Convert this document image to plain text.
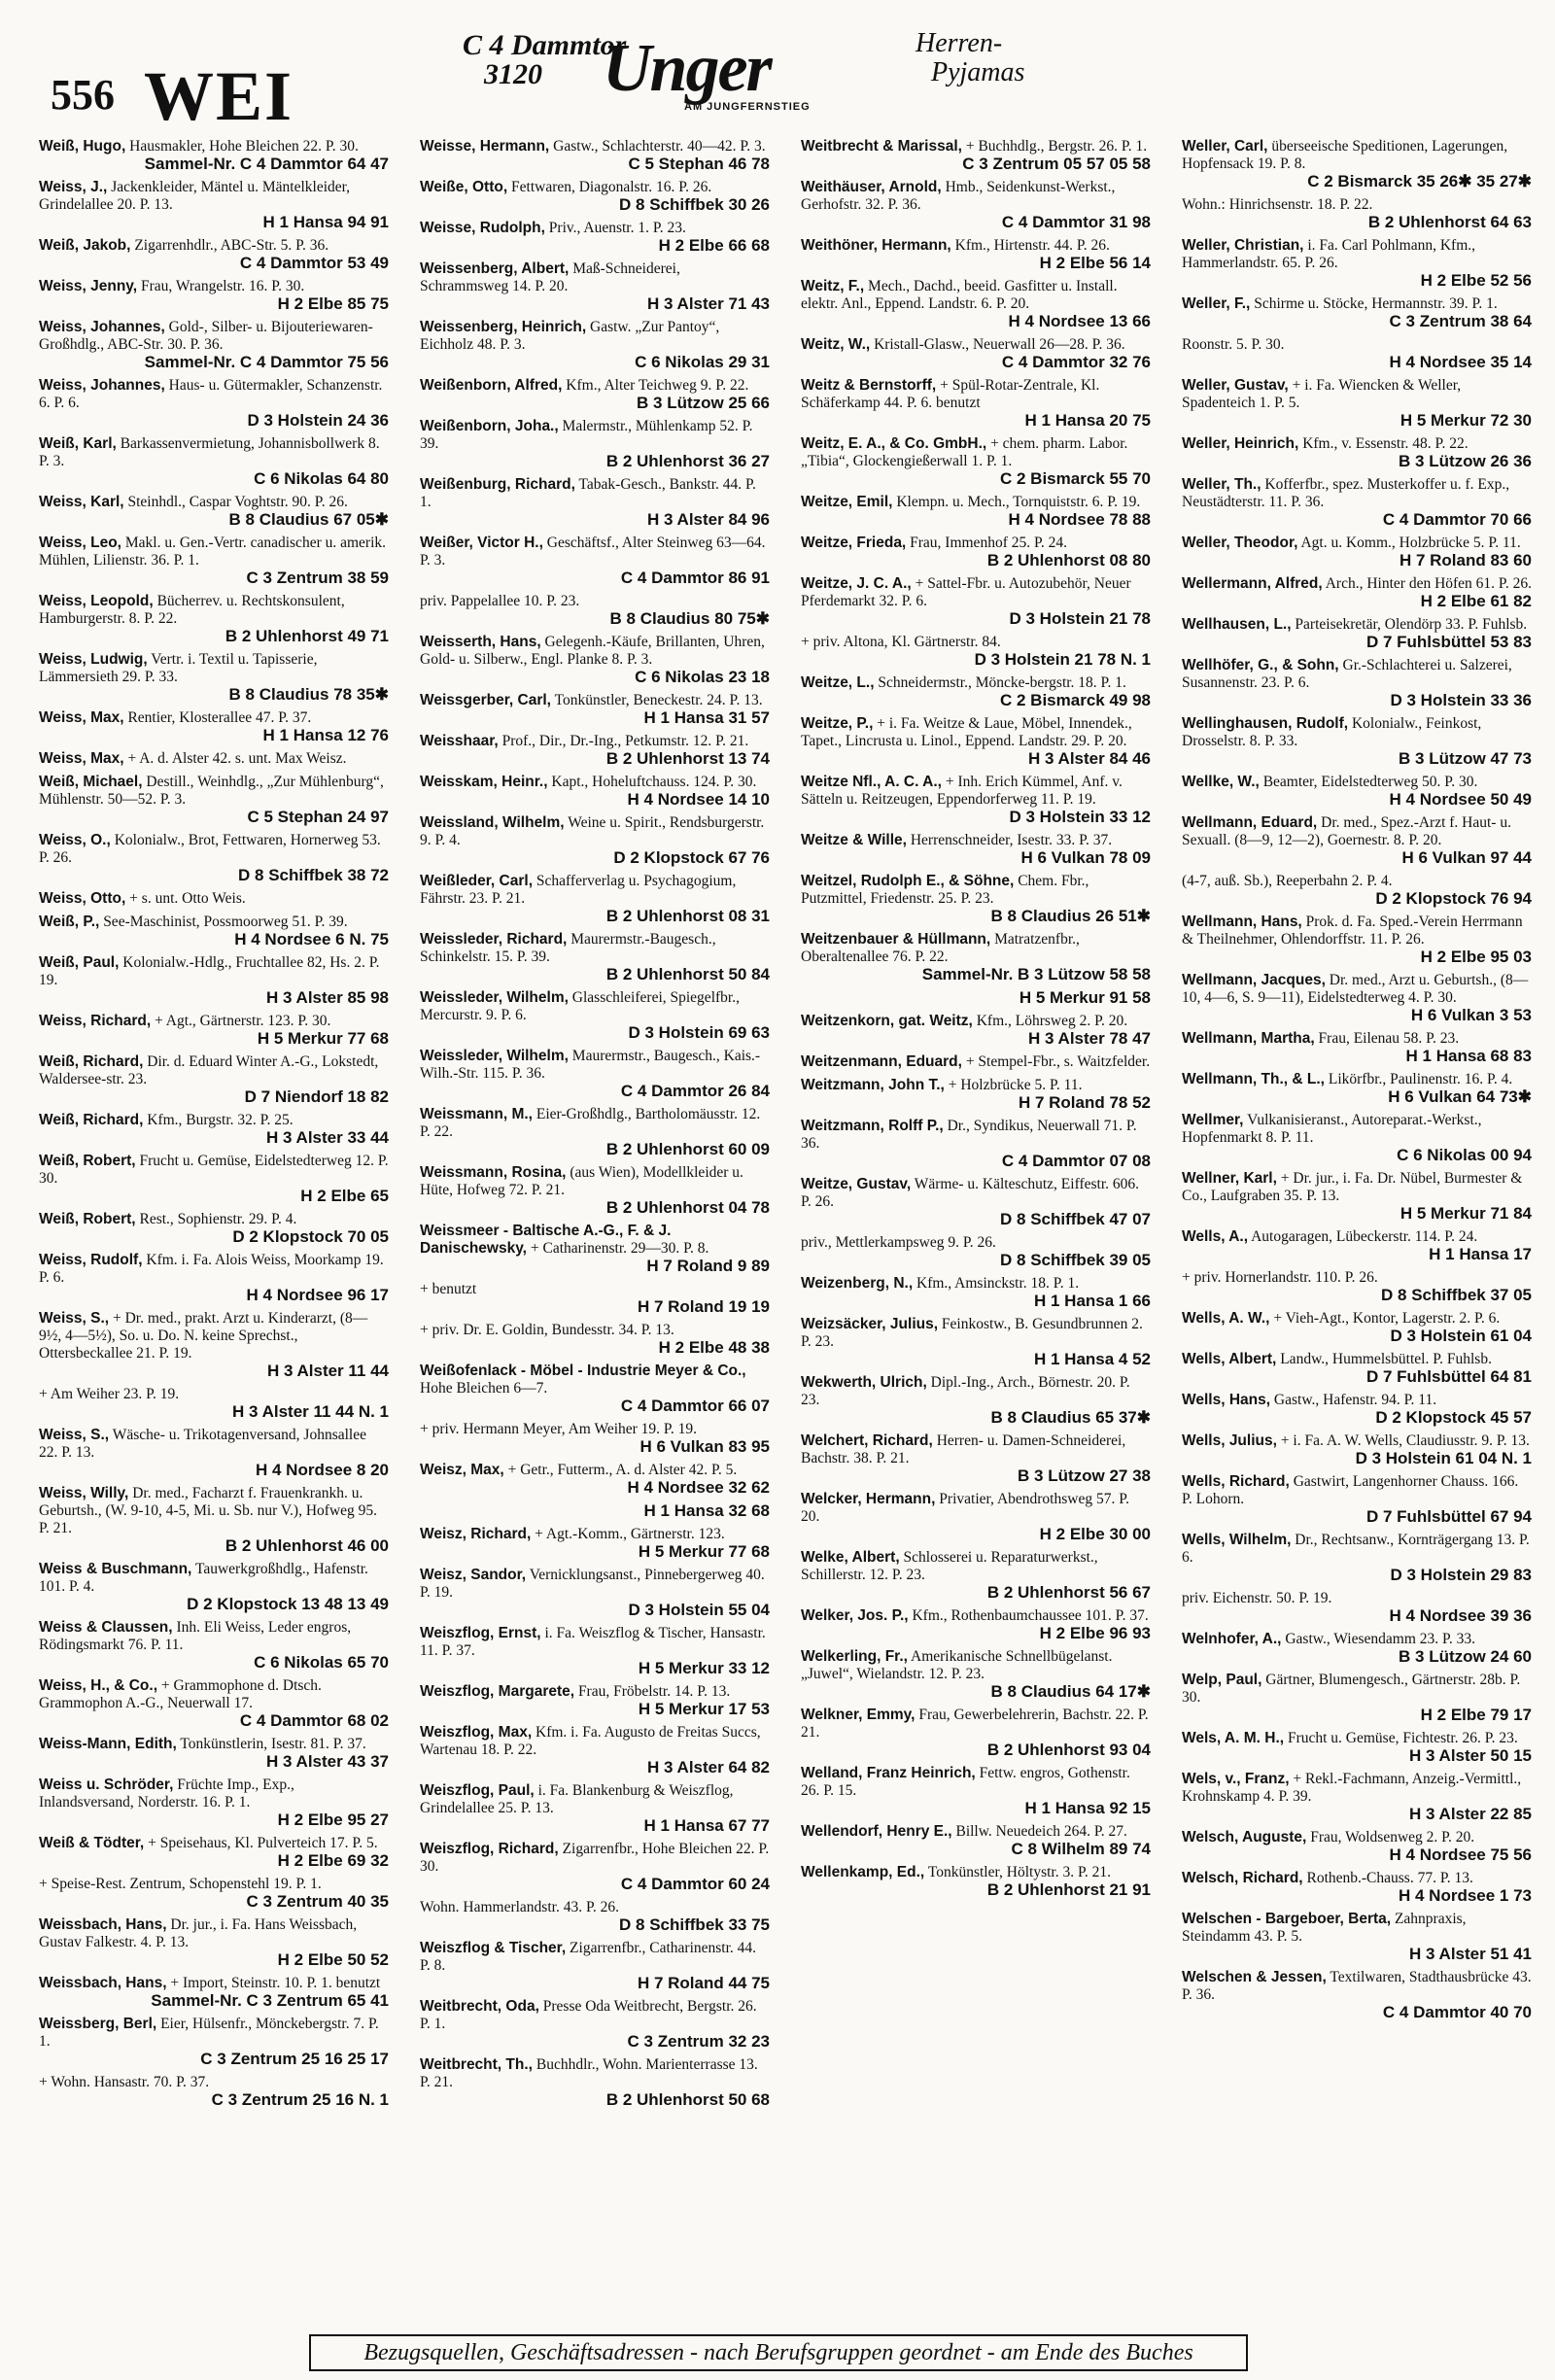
556 WEI
C 4 Dammtor
3120 Unger
AM JUNGFERNSTIEG
Herren-
Pyjamas
Weiß, Hugo, Hausmakler, Hohe Bleichen 22. P. 30.
Sammel-Nr. C 4 Dammtor 64 47
Weiss, J., Jackenkleider, Mäntel u. Mäntelkleider, Grindelallee 20. P. 13.
H 1 Hansa 94 91
Weiß, Jakob, Zigarrenhdlr., ABC-Str. 5. P. 36.
C 4 Dammtor 53 49
Weiss, Jenny, Frau, Wrangelstr. 16. P. 30.
H 2 Elbe 85 75
Weiss, Johannes, Gold-, Silber- u. Bijouteriewaren-Großhdlg., ABC-Str. 30. P. 36.
Sammel-Nr. C 4 Dammtor 75 56
Weiss, Johannes, Haus- u. Gütermakler, Schanzenstr. 6. P. 6.
D 3 Holstein 24 36
Weiß, Karl, Barkassenvermietung, Johannisbollwerk 8. P. 3.
C 6 Nikolas 64 80
Weiss, Karl, Steinhdl., Caspar Voghtstr. 90. P. 26.
B 8 Claudius 67 05✱
Weiss, Leo, Makl. u. Gen.-Vertr. canadischer u. amerik. Mühlen, Lilienstr. 36. P. 1.
C 3 Zentrum 38 59
Weiss, Leopold, Bücherrev. u. Rechtskonsulent, Hamburgerstr. 8. P. 22.
B 2 Uhlenhorst 49 71
Weiss, Ludwig, Vertr. i. Textil u. Tapisserie, Lämmersieth 29. P. 33.
B 8 Claudius 78 35✱
Weiss, Max, Rentier, Klosterallee 47. P. 37.
H 1 Hansa 12 76
Weiss, Max, + A. d. Alster 42. s. unt. Max Weisz.
Weiß, Michael, Destill., Weinhdlg., „Zur Mühlenburg“, Mühlenstr. 50—52. P. 3.
C 5 Stephan 24 97
Weiss, O., Kolonialw., Brot, Fettwaren, Hornerweg 53. P. 26.
D 8 Schiffbek 38 72
Weiss, Otto, + s. unt. Otto Weis.
Weiß, P., See-Maschinist, Possmoorweg 51. P. 39.
H 4 Nordsee 6 N. 75
Weiß, Paul, Kolonialw.-Hdlg., Fruchtallee 82, Hs. 2. P. 19.
H 3 Alster 85 98
Weiss, Richard, + Agt., Gärtnerstr. 123. P. 30.
H 5 Merkur 77 68
Weiß, Richard, Dir. d. Eduard Winter A.-G., Lokstedt, Waldersee-str. 23.
D 7 Niendorf 18 82
Weiß, Richard, Kfm., Burgstr. 32. P. 25.
H 3 Alster 33 44
Weiß, Robert, Frucht u. Gemüse, Eidelstedterweg 12. P. 30.
H 2 Elbe 65
Weiß, Robert, Rest., Sophienstr. 29. P. 4.
D 2 Klopstock 70 05
Weiss, Rudolf, Kfm. i. Fa. Alois Weiss, Moorkamp 19. P. 6.
H 4 Nordsee 96 17
Weiss, S., + Dr. med., prakt. Arzt u. Kinderarzt, (8—9½, 4—5½), So. u. Do. N. keine Sprechst., Ottersbeckallee 21. P. 19.
H 3 Alster 11 44
+ Am Weiher 23. P. 19.
H 3 Alster 11 44 N. 1
Weiss, S., Wäsche- u. Trikotagenversand, Johnsallee 22. P. 13.
H 4 Nordsee 8 20
Weiss, Willy, Dr. med., Facharzt f. Frauenkrankh. u. Geburtsh., (W. 9-10, 4-5, Mi. u. Sb. nur V.), Hofweg 95. P. 21.
B 2 Uhlenhorst 46 00
Weiss & Buschmann, Tauwerkgroßhdlg., Hafenstr. 101. P. 4.
D 2 Klopstock 13 48 13 49
Weiss & Claussen, Inh. Eli Weiss, Leder engros, Rödingsmarkt 76. P. 11.
C 6 Nikolas 65 70
Weiss, H., & Co., + Grammophone d. Dtsch. Grammophon A.-G., Neuerwall 17.
C 4 Dammtor 68 02
Weiss-Mann, Edith, Tonkünstlerin, Isestr. 81. P. 37.
H 3 Alster 43 37
Weiss u. Schröder, Früchte Imp., Exp., Inlandsversand, Norderstr. 16. P. 1.
H 2 Elbe 95 27
Weiß & Tödter, + Speisehaus, Kl. Pulverteich 17. P. 5.
H 2 Elbe 69 32
+ Speise-Rest. Zentrum, Schopenstehl 19. P. 1.
C 3 Zentrum 40 35
Weissbach, Hans, Dr. jur., i. Fa. Hans Weissbach, Gustav Falkestr. 4. P. 13.
H 2 Elbe 50 52
Weissbach, Hans, + Import, Steinstr. 10. P. 1. benutzt
Sammel-Nr. C 3 Zentrum 65 41
Weissberg, Berl, Eier, Hülsenfr., Mönckebergstr. 7. P. 1.
C 3 Zentrum 25 16 25 17
+ Wohn. Hansastr. 70. P. 37.
C 3 Zentrum 25 16 N. 1
Weisse, Hermann, Gastw., Schlachterstr. 40—42. P. 3.
C 5 Stephan 46 78
Weiße, Otto, Fettwaren, Diagonalstr. 16. P. 26.
D 8 Schiffbek 30 26
Weisse, Rudolph, Priv., Auenstr. 1. P. 23.
H 2 Elbe 66 68
Weissenberg, Albert, Maß-Schneiderei, Schrammsweg 14. P. 20.
H 3 Alster 71 43
Weissenberg, Heinrich, Gastw. „Zur Pantoy“, Eichholz 48. P. 3.
C 6 Nikolas 29 31
Weißenborn, Alfred, Kfm., Alter Teichweg 9. P. 22.
B 3 Lützow 25 66
Weißenborn, Joha., Malermstr., Mühlenkamp 52. P. 39.
B 2 Uhlenhorst 36 27
Weißenburg, Richard, Tabak-Gesch., Bankstr. 44. P. 1.
H 3 Alster 84 96
Weißer, Victor H., Geschäftsf., Alter Steinweg 63—64. P. 3.
C 4 Dammtor 86 91
priv. Pappelallee 10. P. 23.
B 8 Claudius 80 75✱
Weisserth, Hans, Gelegenh.-Käufe, Brillanten, Uhren, Gold- u. Silberw., Engl. Planke 8. P. 3.
C 6 Nikolas 23 18
Weissgerber, Carl, Tonkünstler, Beneckestr. 24. P. 13.
H 1 Hansa 31 57
Weisshaar, Prof., Dir., Dr.-Ing., Petkumstr. 12. P. 21.
B 2 Uhlenhorst 13 74
Weisskam, Heinr., Kapt., Hoheluftchauss. 124. P. 30.
H 4 Nordsee 14 10
Weissland, Wilhelm, Weine u. Spirit., Rendsburgerstr. 9. P. 4.
D 2 Klopstock 67 76
Weißleder, Carl, Schafferverlag u. Psychagogium, Fährstr. 23. P. 21.
B 2 Uhlenhorst 08 31
Weissleder, Richard, Maurermstr.-Baugesch., Schinkelstr. 15. P. 39.
B 2 Uhlenhorst 50 84
Weissleder, Wilhelm, Glasschleiferei, Spiegelfbr., Mercurstr. 9. P. 6.
D 3 Holstein 69 63
Weissleder, Wilhelm, Maurermstr., Baugesch., Kais.-Wilh.-Str. 115. P. 36.
C 4 Dammtor 26 84
Weissmann, M., Eier-Großhdlg., Bartholomäusstr. 12. P. 22.
B 2 Uhlenhorst 60 09
Weissmann, Rosina, (aus Wien), Modellkleider u. Hüte, Hofweg 72. P. 21.
B 2 Uhlenhorst 04 78
Weissmeer - Baltische A.-G., F. & J. Danischewsky, + Catharinenstr. 29—30. P. 8.
H 7 Roland 9 89
+ benutzt
H 7 Roland 19 19
+ priv. Dr. E. Goldin, Bundesstr. 34. P. 13.
H 2 Elbe 48 38
Weißofenlack - Möbel - Industrie Meyer & Co., Hohe Bleichen 6—7.
C 4 Dammtor 66 07
+ priv. Hermann Meyer, Am Weiher 19. P. 19.
H 6 Vulkan 83 95
Weisz, Max, + Getr., Futterm., A. d. Alster 42. P. 5.
H 4 Nordsee 32 62
H 1 Hansa 32 68
Weisz, Richard, + Agt.-Komm., Gärtnerstr. 123.
H 5 Merkur 77 68
Weisz, Sandor, Vernicklungsanst., Pinnebergerweg 40. P. 19.
D 3 Holstein 55 04
Weiszflog, Ernst, i. Fa. Weiszflog & Tischer, Hansastr. 11. P. 37.
H 5 Merkur 33 12
Weiszflog, Margarete, Frau, Fröbelstr. 14. P. 13.
H 5 Merkur 17 53
Weiszflog, Max, Kfm. i. Fa. Augusto de Freitas Succs, Wartenau 18. P. 22.
H 3 Alster 64 82
Weiszflog, Paul, i. Fa. Blankenburg & Weiszflog, Grindelallee 25. P. 13.
H 1 Hansa 67 77
Weiszflog, Richard, Zigarrenfbr., Hohe Bleichen 22. P. 30.
C 4 Dammtor 60 24
Wohn. Hammerlandstr. 43. P. 26.
D 8 Schiffbek 33 75
Weiszflog & Tischer, Zigarrenfbr., Catharinenstr. 44. P. 8.
H 7 Roland 44 75
Weitbrecht, Oda, Presse Oda Weitbrecht, Bergstr. 26. P. 1.
C 3 Zentrum 32 23
Weitbrecht, Th., Buchhdlr., Wohn. Marienterrasse 13. P. 21.
B 2 Uhlenhorst 50 68
Weitbrecht & Marissal, + Buchhdlg., Bergstr. 26. P. 1.
C 3 Zentrum 05 57 05 58
Weithäuser, Arnold, Hmb., Seidenkunst-Werkst., Gerhofstr. 32. P. 36.
C 4 Dammtor 31 98
Weithöner, Hermann, Kfm., Hirtenstr. 44. P. 26.
H 2 Elbe 56 14
Weitz, F., Mech., Dachd., beeid. Gasfitter u. Install. elektr. Anl., Eppend. Landstr. 6. P. 20.
H 4 Nordsee 13 66
Weitz, W., Kristall-Glasw., Neuerwall 26—28. P. 36.
C 4 Dammtor 32 76
Weitz & Bernstorff, + Spül-Rotar-Zentrale, Kl. Schäferkamp 44. P. 6. benutzt
H 1 Hansa 20 75
Weitz, E. A., & Co. GmbH., + chem. pharm. Labor. „Tibia“, Glockengießerwall 1. P. 1.
C 2 Bismarck 55 70
Weitze, Emil, Klempn. u. Mech., Tornquiststr. 6. P. 19.
H 4 Nordsee 78 88
Weitze, Frieda, Frau, Immenhof 25. P. 24.
B 2 Uhlenhorst 08 80
Weitze, J. C. A., + Sattel-Fbr. u. Autozubehör, Neuer Pferdemarkt 32. P. 6.
D 3 Holstein 21 78
+ priv. Altona, Kl. Gärtnerstr. 84.
D 3 Holstein 21 78 N. 1
Weitze, L., Schneidermstr., Möncke-bergstr. 18. P. 1.
C 2 Bismarck 49 98
Weitze, P., + i. Fa. Weitze & Laue, Möbel, Innendek., Tapet., Lincrusta u. Linol., Eppend. Landstr. 29. P. 20.
H 3 Alster 84 46
Weitze Nfl., A. C. A., + Inh. Erich Kümmel, Anf. v. Sätteln u. Reitzeugen, Eppendorferweg 11. P. 19.
D 3 Holstein 33 12
Weitze & Wille, Herrenschneider, Isestr. 33. P. 37.
H 6 Vulkan 78 09
Weitzel, Rudolph E., & Söhne, Chem. Fbr., Putzmittel, Friedenstr. 25. P. 23.
B 8 Claudius 26 51✱
Weitzenbauer & Hüllmann, Matratzenfbr., Oberaltenallee 76. P. 22.
Sammel-Nr. B 3 Lützow 58 58
H 5 Merkur 91 58
Weitzenkorn, gat. Weitz, Kfm., Löhrsweg 2. P. 20.
H 3 Alster 78 47
Weitzenmann, Eduard, + Stempel-Fbr., s. Waitzfelder.
Weitzmann, John T., + Holzbrücke 5. P. 11.
H 7 Roland 78 52
Weitzmann, Rolff P., Dr., Syndikus, Neuerwall 71. P. 36.
C 4 Dammtor 07 08
Weitze, Gustav, Wärme- u. Kälteschutz, Eiffestr. 606. P. 26.
D 8 Schiffbek 47 07
priv., Mettlerkampsweg 9. P. 26.
D 8 Schiffbek 39 05
Weizenberg, N., Kfm., Amsinckstr. 18. P. 1.
H 1 Hansa 1 66
Weizsäcker, Julius, Feinkostw., B. Gesundbrunnen 2. P. 23.
H 1 Hansa 4 52
Wekwerth, Ulrich, Dipl.-Ing., Arch., Börnestr. 20. P. 23.
B 8 Claudius 65 37✱
Welchert, Richard, Herren- u. Damen-Schneiderei, Bachstr. 38. P. 21.
B 3 Lützow 27 38
Welcker, Hermann, Privatier, Abendrothsweg 57. P. 20.
H 2 Elbe 30 00
Welke, Albert, Schlosserei u. Reparaturwerkst., Schillerstr. 12. P. 23.
B 2 Uhlenhorst 56 67
Welker, Jos. P., Kfm., Rothenbaumchaussee 101. P. 37.
H 2 Elbe 96 93
Welkerling, Fr., Amerikanische Schnellbügelanst. „Juwel“, Wielandstr. 12. P. 23.
B 8 Claudius 64 17✱
Welkner, Emmy, Frau, Gewerbelehrerin, Bachstr. 22. P. 21.
B 2 Uhlenhorst 93 04
Welland, Franz Heinrich, Fettw. engros, Gothenstr. 26. P. 15.
H 1 Hansa 92 15
Wellendorf, Henry E., Billw. Neuedeich 264. P. 27.
C 8 Wilhelm 89 74
Wellenkamp, Ed., Tonkünstler, Höltystr. 3. P. 21.
B 2 Uhlenhorst 21 91
Weller, Carl, überseeische Speditionen, Lagerungen, Hopfensack 19. P. 8.
C 2 Bismarck 35 26✱ 35 27✱
Wohn.: Hinrichsenstr. 18. P. 22.
B 2 Uhlenhorst 64 63
Weller, Christian, i. Fa. Carl Pohlmann, Kfm., Hammerlandstr. 65. P. 26.
H 2 Elbe 52 56
Weller, F., Schirme u. Stöcke, Hermannstr. 39. P. 1.
C 3 Zentrum 38 64
Roonstr. 5. P. 30.
H 4 Nordsee 35 14
Weller, Gustav, + i. Fa. Wiencken & Weller, Spadenteich 1. P. 5.
H 5 Merkur 72 30
Weller, Heinrich, Kfm., v. Essenstr. 48. P. 22.
B 3 Lützow 26 36
Weller, Th., Kofferfbr., spez. Musterkoffer u. f. Exp., Neustädterstr. 11. P. 36.
C 4 Dammtor 70 66
Weller, Theodor, Agt. u. Komm., Holzbrücke 5. P. 11.
H 7 Roland 83 60
Wellermann, Alfred, Arch., Hinter den Höfen 61. P. 26.
H 2 Elbe 61 82
Wellhausen, L., Parteisekretär, Olendörp 33. P. Fuhlsb.
D 7 Fuhlsbüttel 53 83
Wellhöfer, G., & Sohn, Gr.-Schlachterei u. Salzerei, Susannenstr. 23. P. 6.
D 3 Holstein 33 36
Wellinghausen, Rudolf, Kolonialw., Feinkost, Drosselstr. 8. P. 33.
B 3 Lützow 47 73
Wellke, W., Beamter, Eidelstedterweg 50. P. 30.
H 4 Nordsee 50 49
Wellmann, Eduard, Dr. med., Spez.-Arzt f. Haut- u. Sexuall. (8—9, 12—2), Goernestr. 8. P. 20.
H 6 Vulkan 97 44
(4-7, auß. Sb.), Reeperbahn 2. P. 4.
D 2 Klopstock 76 94
Wellmann, Hans, Prok. d. Fa. Sped.-Verein Herrmann & Theilnehmer, Ohlendorffstr. 11. P. 26.
H 2 Elbe 95 03
Wellmann, Jacques, Dr. med., Arzt u. Geburtsh., (8—10, 4—6, S. 9—11), Eidelstedterweg 4. P. 30.
H 6 Vulkan 3 53
Wellmann, Martha, Frau, Eilenau 58. P. 23.
H 1 Hansa 68 83
Wellmann, Th., & L., Likörfbr., Paulinenstr. 16. P. 4.
H 6 Vulkan 64 73✱
Wellmer, Vulkanisieranst., Autoreparat.-Werkst., Hopfenmarkt 8. P. 11.
C 6 Nikolas 00 94
Wellner, Karl, + Dr. jur., i. Fa. Dr. Nübel, Burmester & Co., Laufgraben 35. P. 13.
H 5 Merkur 71 84
Wells, A., Autogaragen, Lübeckerstr. 114. P. 24.
H 1 Hansa 17
+ priv. Hornerlandstr. 110. P. 26.
D 8 Schiffbek 37 05
Wells, A. W., + Vieh-Agt., Kontor, Lagerstr. 2. P. 6.
D 3 Holstein 61 04
Wells, Albert, Landw., Hummelsbüttel. P. Fuhlsb.
D 7 Fuhlsbüttel 64 81
Wells, Hans, Gastw., Hafenstr. 94. P. 11.
D 2 Klopstock 45 57
Wells, Julius, + i. Fa. A. W. Wells, Claudiusstr. 9. P. 13.
D 3 Holstein 61 04 N. 1
Wells, Richard, Gastwirt, Langenhorner Chauss. 166. P. Lohorn.
D 7 Fuhlsbüttel 67 94
Wells, Wilhelm, Dr., Rechtsanw., Kornträgergang 13. P. 6.
D 3 Holstein 29 83
priv. Eichenstr. 50. P. 19.
H 4 Nordsee 39 36
Welnhofer, A., Gastw., Wiesendamm 23. P. 33.
B 3 Lützow 24 60
Welp, Paul, Gärtner, Blumengesch., Gärtnerstr. 28b. P. 30.
H 2 Elbe 79 17
Wels, A. M. H., Frucht u. Gemüse, Fichtestr. 26. P. 23.
H 3 Alster 50 15
Wels, v., Franz, + Rekl.-Fachmann, Anzeig.-Vermittl., Krohnskamp 4. P. 39.
H 3 Alster 22 85
Welsch, Auguste, Frau, Woldsenweg 2. P. 20.
H 4 Nordsee 75 56
Welsch, Richard, Rothenb.-Chauss. 77. P. 13.
H 4 Nordsee 1 73
Welschen - Bargeboer, Berta, Zahnpraxis, Steindamm 43. P. 5.
H 3 Alster 51 41
Welschen & Jessen, Textilwaren, Stadthausbrücke 43. P. 36.
C 4 Dammtor 40 70
Bezugsquellen, Geschäftsadressen - nach Berufsgruppen geordnet - am Ende des Buches
